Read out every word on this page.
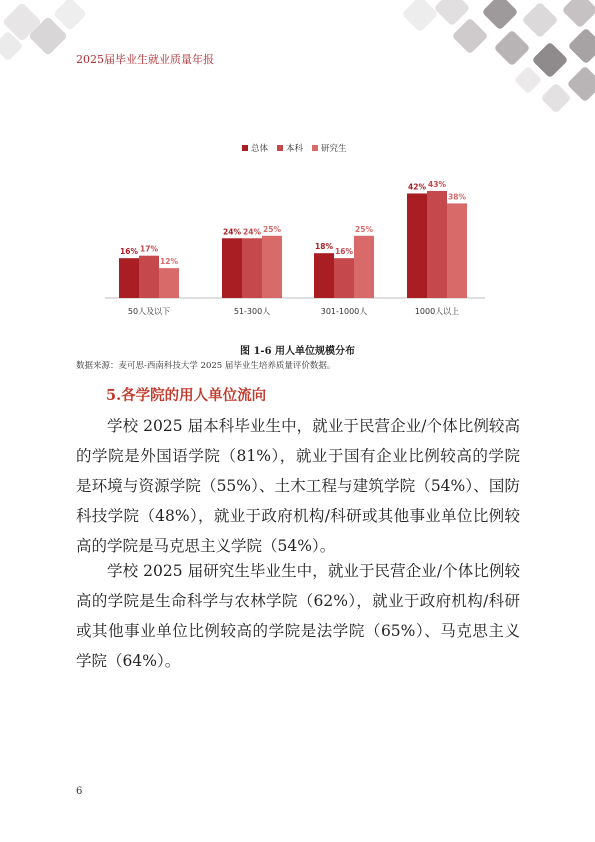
2025届毕业生就业质量年报
总体 本科 研究生
16% 17%
12%
50人及以下
24% 24% 25%
51-300人
18%
16%
25%
301-1000人
42% 43%
38%
1000人以上
图 1-6 用人单位规模分布
数据来源：麦可思-西南科技大学 2025 届毕业生培养质量评价数据。
5.各学院的用人单位流向
学校 2025 届本科毕业生中，就业于民营企业/个体比例较高的学院是外国语学院（81%），就业于国有企业比例较高的学院是环境与资源学院（55%）、土木工程与建筑学院（54%）、国防科技学院（48%），就业于政府机构/科研或其他事业单位比例较高的学院是马克思主义学院（54%）。
学校 2025 届研究生毕业生中，就业于民营企业/个体比例较高的学院是生命科学与农林学院（62%），就业于政府机构/科研或其他事业单位比例较高的学院是法学院（65%）、马克思主义学院（64%）。
6
